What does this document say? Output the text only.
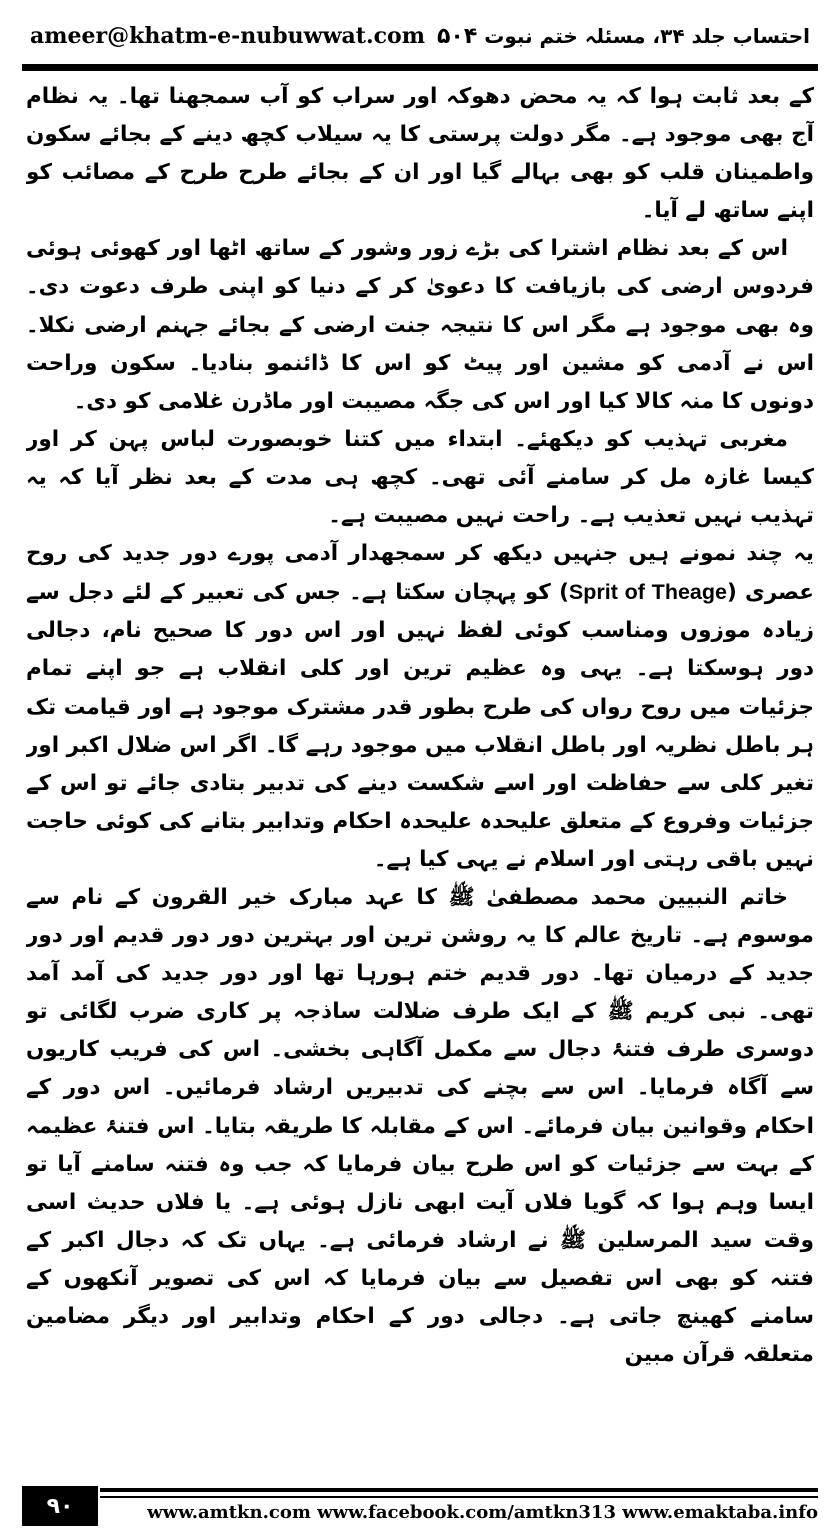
ameer@khatm-e-nubuwwat.com ۵۰۴ احتساب جلد ۳۴، مسئلہ ختم نبوت

کے بعد ثابت ہوا کہ یہ محض دھوکہ اور سراب کو آب سمجھنا تھا۔ یہ نظام آج بھی موجود ہے۔ مگر دولت پرستی کا یہ سیلاب کچھ دینے کے بجائے سکون واطمینان قلب کو بھی بہالے گیا اور ان کے بجائے طرح طرح کے مصائب کو اپنے ساتھ لے آیا۔

اس کے بعد نظام اشترا کی بڑے زور وشور کے ساتھ اٹھا اور کھوئی ہوئی فردوس ارضی کی بازیافت کا دعویٰ کر کے دنیا کو اپنی طرف دعوت دی۔ وہ بھی موجود ہے مگر اس کا نتیجہ جنت ارضی کے بجائے جہنم ارضی نکلا۔ اس نے آدمی کو مشین اور پیٹ کو اس کا ڈائنمو بنادیا۔ سکون وراحت دونوں کا منہ کالا کیا اور اس کی جگہ مصیبت اور ماڈرن غلامی کو دی۔

مغربی تہذیب کو دیکھئے۔ ابتداء میں کتنا خوبصورت لباس پہن کر اور کیسا غازہ مل کر سامنے آئی تھی۔ کچھ ہی مدت کے بعد نظر آیا کہ یہ تہذیب نہیں تعذیب ہے۔ راحت نہیں مصیبت ہے۔

یہ چند نمونے ہیں جنہیں دیکھ کر سمجھدار آدمی پورے دور جدید کی روح عصری (Sprit of Theage) کو پہچان سکتا ہے۔ جس کی تعبیر کے لئے دجل سے زیادہ موزوں ومناسب کوئی لفظ نہیں اور اس دور کا صحیح نام، دجالی دور ہوسکتا ہے۔ یہی وہ عظیم ترین اور کلی انقلاب ہے جو اپنے تمام جزئیات میں روح رواں کی طرح بطور قدر مشترک موجود ہے اور قیامت تک ہر باطل نظریہ اور باطل انقلاب میں موجود رہے گا۔ اگر اس ضلال اکبر اور تغیر کلی سے حفاظت اور اسے شکست دینے کی تدبیر بتادی جائے تو اس کے جزئیات وفروع کے متعلق علیحدہ علیحدہ احکام وتدابیر بتانے کی کوئی حاجت نہیں باقی رہتی اور اسلام نے یہی کیا ہے۔

خاتم النبیین محمد مصطفیٰ ﷺ کا عہد مبارک خیر القرون کے نام سے موسوم ہے۔ تاریخ عالم کا یہ روشن ترین اور بہترین دور دور قدیم اور دور جدید کے درمیان تھا۔ دور قدیم ختم ہورہا تھا اور دور جدید کی آمد آمد تھی۔ نبی کریم ﷺ کے ایک طرف ضلالت ساذجہ پر کاری ضرب لگائی تو دوسری طرف فتنۂ دجال سے مکمل آگاہی بخشی۔ اس کی فریب کاریوں سے آگاہ فرمایا۔ اس سے بچنے کی تدبیریں ارشاد فرمائیں۔ اس دور کے احکام وقوانین بیان فرمائے۔ اس کے مقابلہ کا طریقہ بتایا۔ اس فتنۂ عظیمہ کے بہت سے جزئیات کو اس طرح بیان فرمایا کہ جب وہ فتنہ سامنے آیا تو ایسا وہم ہوا کہ گویا فلاں آیت ابھی نازل ہوئی ہے۔ یا فلاں حدیث اسی وقت سید المرسلین ﷺ نے ارشاد فرمائی ہے۔ یہاں تک کہ دجال اکبر کے فتنہ کو بھی اس تفصیل سے بیان فرمایا کہ اس کی تصویر آنکھوں کے سامنے کھینچ جاتی ہے۔ دجالی دور کے احکام وتدابیر اور دیگر مضامین متعلقہ قرآن مبین

۹۰	www.amtkn.com www.facebook.com/amtkn313 www.emaktaba.info
